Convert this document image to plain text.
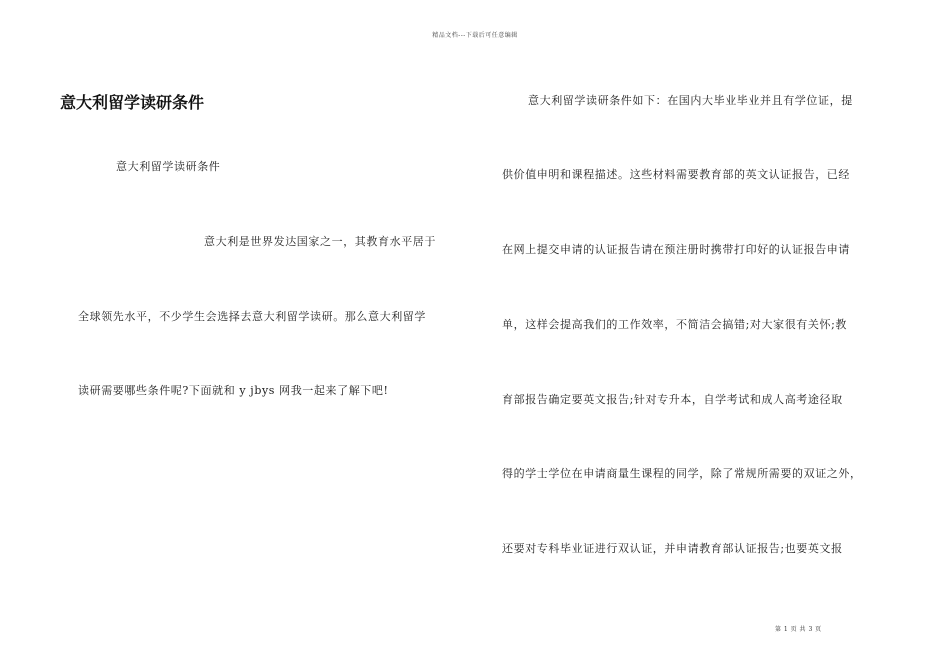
精品文档---下载后可任意编辑
意大利留学读研条件
意大利留学读研条件
意大利是世界发达国家之一，其教育水平居于
全球领先水平，不少学生会选择去意大利留学读研。那么意大利留学
读研需要哪些条件呢?下面就和 y jbys 网我一起来了解下吧!
意大利留学读研条件如下：在国内大毕业毕业并且有学位证，提
供价值申明和课程描述。这些材料需要教育部的英文认证报告，已经
在网上提交申请的认证报告请在预注册时携带打印好的认证报告申请
单，这样会提高我们的工作效率，不简洁会搞错;对大家很有关怀;教
育部报告确定要英文报告;针对专升本，自学考试和成人高考途径取
得的学士学位在申请商量生课程的同学，除了常规所需要的双证之外，
还要对专科毕业证进行双认证，并申请教育部认证报告;也要英文报
第 1 页 共 3 页
